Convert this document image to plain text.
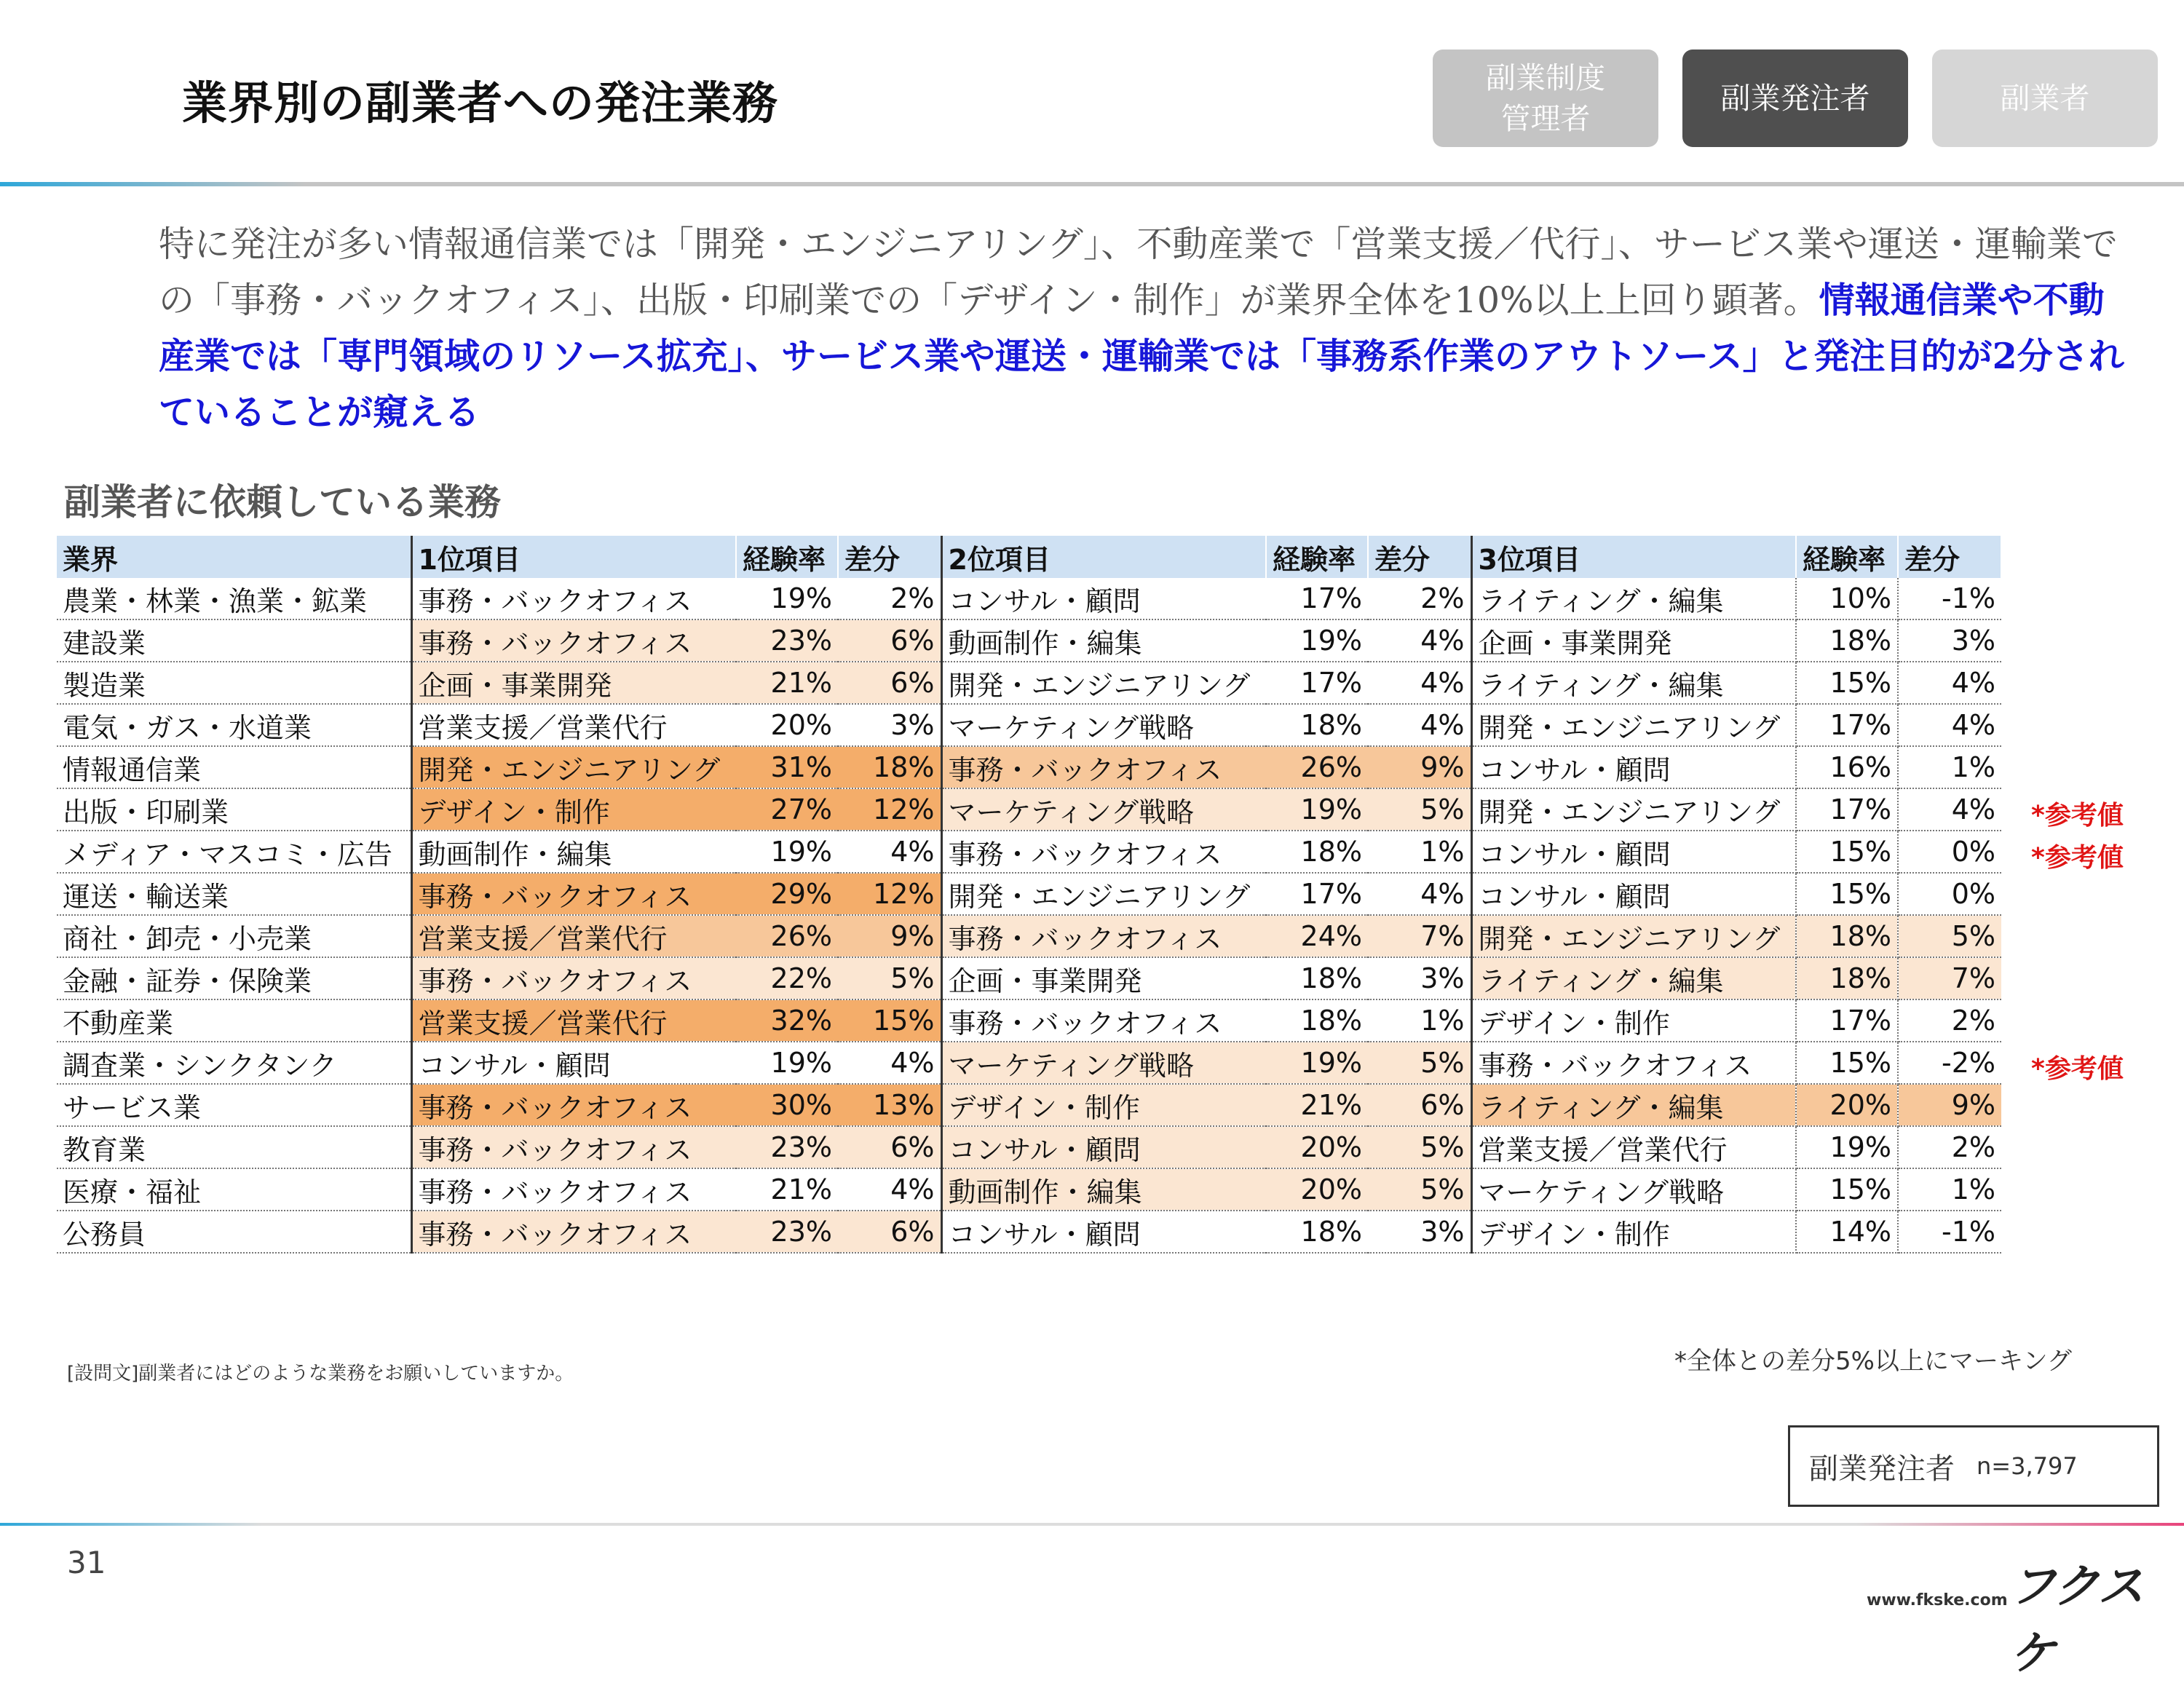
業界別の副業者への発注業務	副業制度
管理者
副業発注者	副業者
特に発注が多い情報通信業では「開発・エンジニアリング」、不動産業で「営業支援／代行」、サービス業や運送・運輸業での「事務・バックオフィス」、出版・印刷業での「デザイン・制作」が業界全体を10%以上上回り顕著。情報通信業や不動産業では「専門領域のリソース拡充」、サービス業や運送・運輸業では「事務系作業のアウトソース」と発注目的が2分されていることが窺える
副業者に依頼している業務
業界	1位項目	経験率	差分	2位項目	経験率	差分	3位項目	経験率	差分
農業・林業・漁業・鉱業	事務・バックオフィス	19%	2%	コンサル・顧問	17%	2%	ライティング・編集	10%	-1%
建設業	事務・バックオフィス	23%	6%	動画制作・編集	19%	4%	企画・事業開発	18%	3%
製造業	企画・事業開発	21%	6%	開発・エンジニアリング	17%	4%	ライティング・編集	15%	4%
電気・ガス・水道業	営業支援／営業代行	20%	3%	マーケティング戦略	18%	4%	開発・エンジニアリング	17%	4%
情報通信業	開発・エンジニアリング	31%	18%	事務・バックオフィス	26%	9%	コンサル・顧問	16%	1%
出版・印刷業	デザイン・制作	27%	12%	マーケティング戦略	19%	5%	開発・エンジニアリング	17%	4%
メディア・マスコミ・広告	動画制作・編集	19%	4%	事務・バックオフィス	18%	1%	コンサル・顧問	15%	0%
運送・輸送業	事務・バックオフィス	29%	12%	開発・エンジニアリング	17%	4%	コンサル・顧問	15%	0%
商社・卸売・小売業	営業支援／営業代行	26%	9%	事務・バックオフィス	24%	7%	開発・エンジニアリング	18%	5%
金融・証券・保険業	事務・バックオフィス	22%	5%	企画・事業開発	18%	3%	ライティング・編集	18%	7%
不動産業	営業支援／営業代行	32%	15%	事務・バックオフィス	18%	1%	デザイン・制作	17%	2%
調査業・シンクタンク	コンサル・顧問	19%	4%	マーケティング戦略	19%	5%	事務・バックオフィス	15%	-2%
サービス業	事務・バックオフィス	30%	13%	デザイン・制作	21%	6%	ライティング・編集	20%	9%
教育業	事務・バックオフィス	23%	6%	コンサル・顧問	20%	5%	営業支援／営業代行	19%	2%
医療・福祉	事務・バックオフィス	21%	4%	動画制作・編集	20%	5%	マーケティング戦略	15%	1%
公務員	事務・バックオフィス	23%	6%	コンサル・顧問	18%	3%	デザイン・制作	14%	-1%
*参考値
*参考値
*参考値
[設問文]副業者にはどのような業務をお願いしていますか。	*全体との差分5%以上にマーキング
副業発注者 n=3,797
31	フクスケ
www.fkske.com
